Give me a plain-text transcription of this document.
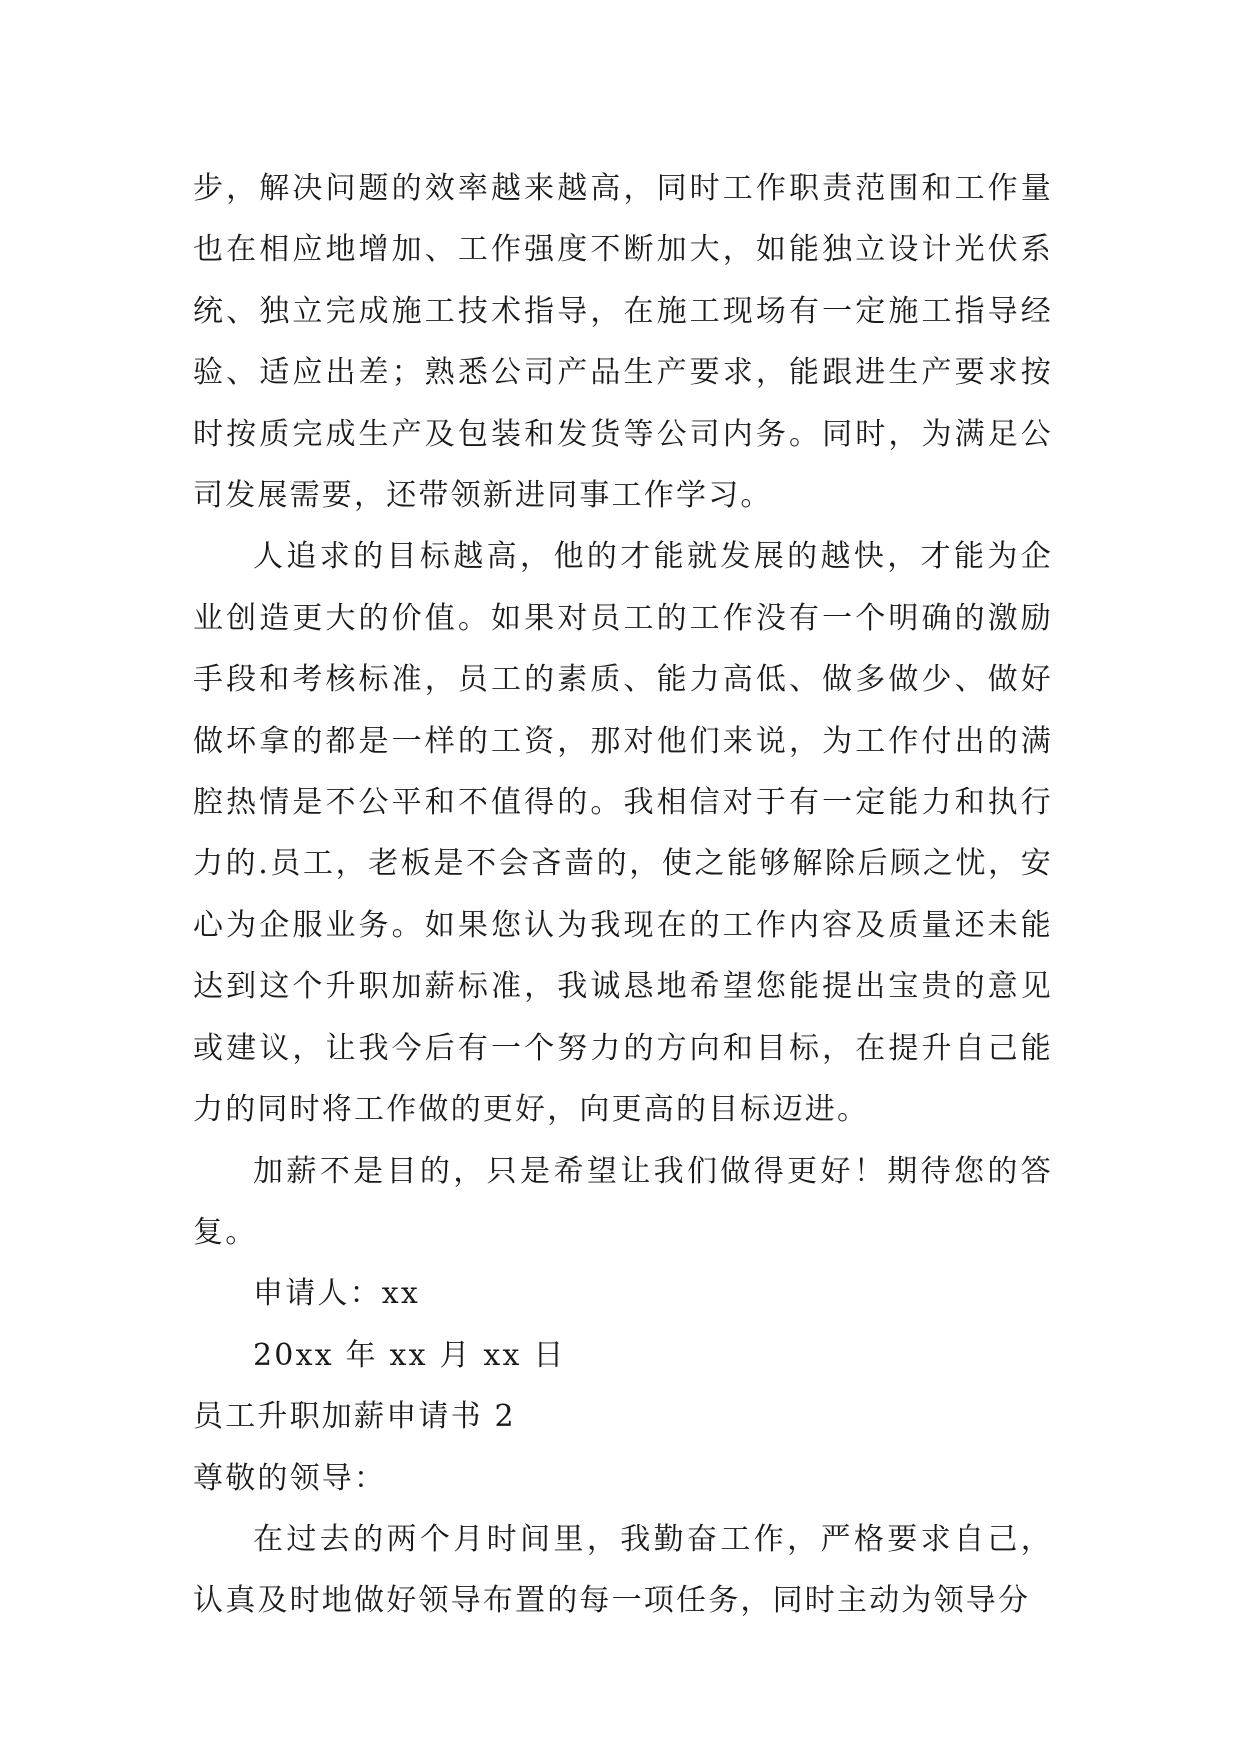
步，解决问题的效率越来越高，同时工作职责范围和工作量也在相应地增加、工作强度不断加大，如能独立设计光伏系统、独立完成施工技术指导，在施工现场有一定施工指导经验、适应出差；熟悉公司产品生产要求，能跟进生产要求按时按质完成生产及包装和发货等公司内务。同时，为满足公司发展需要，还带领新进同事工作学习。

人追求的目标越高，他的才能就发展的越快，才能为企业创造更大的价值。如果对员工的工作没有一个明确的激励手段和考核标准，员工的素质、能力高低、做多做少、做好做坏拿的都是一样的工资，那对他们来说，为工作付出的满腔热情是不公平和不值得的。我相信对于有一定能力和执行力的.员工，老板是不会吝啬的，使之能够解除后顾之忧，安心为企服业务。如果您认为我现在的工作内容及质量还未能达到这个升职加薪标准，我诚恳地希望您能提出宝贵的意见或建议，让我今后有一个努力的方向和目标，在提升自己能力的同时将工作做的更好，向更高的目标迈进。

加薪不是目的，只是希望让我们做得更好！期待您的答复。

申请人：xx

20xx 年 xx 月 xx 日

员工升职加薪申请书 2

尊敬的领导：

在过去的两个月时间里，我勤奋工作，严格要求自己，认真及时地做好领导布置的每一项任务，同时主动为领导分
